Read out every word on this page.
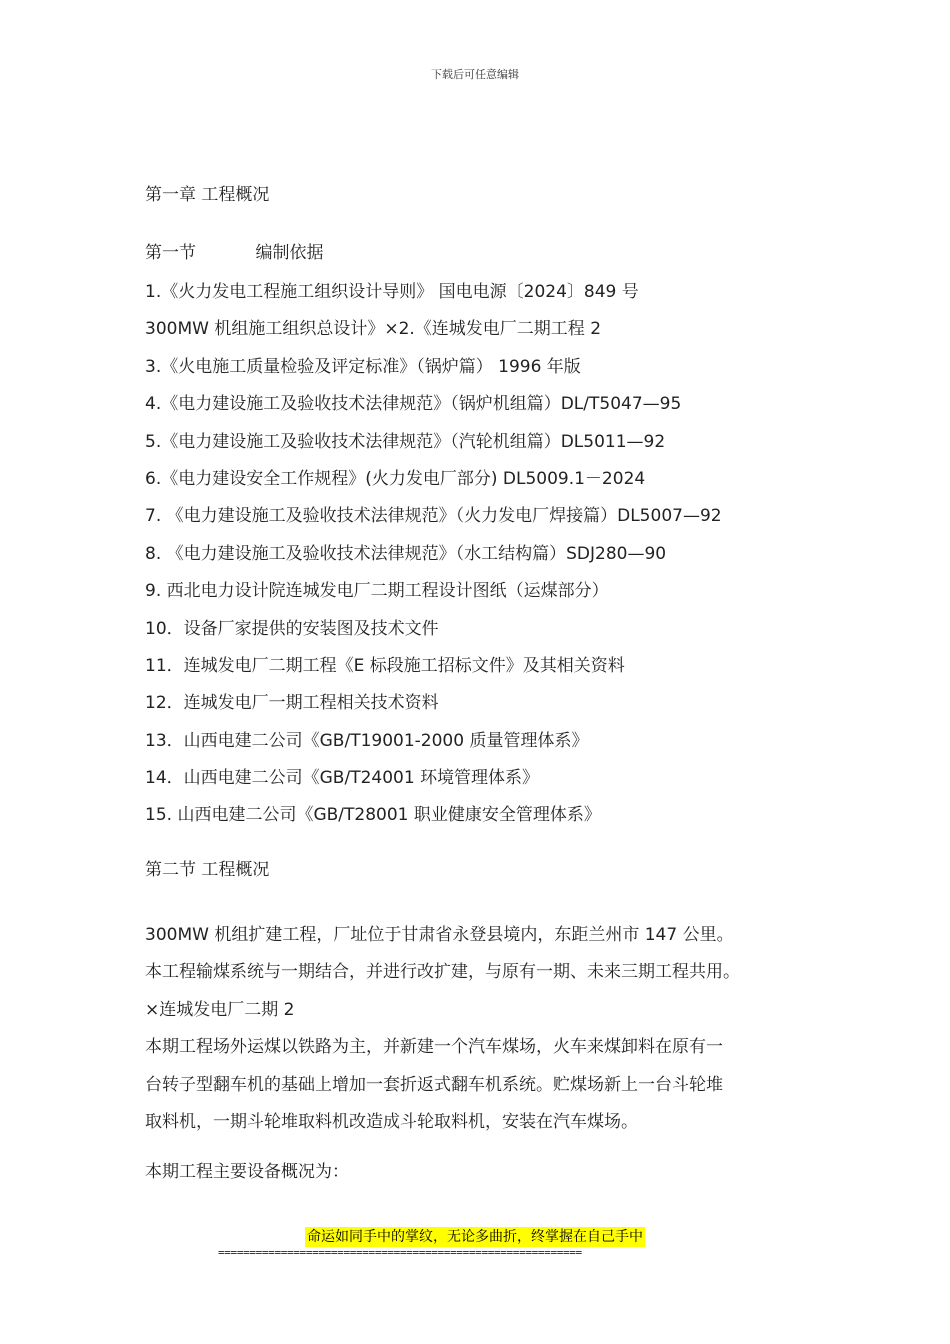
下载后可任意编辑
第一章 工程概况
第一节           编制依据
1.《火力发电工程施工组织设计导则》 国电电源〔2024〕849 号
300MW 机组施工组织总设计》×2.《连城发电厂二期工程 2
3.《火电施工质量检验及评定标准》（锅炉篇） 1996 年版
4.《电力建设施工及验收技术法律规范》（锅炉机组篇）DL/T5047—95
5.《电力建设施工及验收技术法律规范》（汽轮机组篇）DL5011—92
6.《电力建设安全工作规程》(火力发电厂部分) DL5009.1－2024
7. 《电力建设施工及验收技术法律规范》（火力发电厂焊接篇）DL5007—92
8. 《电力建设施工及验收技术法律规范》（水工结构篇）SDJ280—90
9. 西北电力设计院连城发电厂二期工程设计图纸（运煤部分）
10．设备厂家提供的安装图及技术文件
11．连城发电厂二期工程《E 标段施工招标文件》及其相关资料
12．连城发电厂一期工程相关技术资料
13．山西电建二公司《GB/T19001-2000 质量管理体系》
14．山西电建二公司《GB/T24001 环境管理体系》
15. 山西电建二公司《GB/T28001 职业健康安全管理体系》
第二节 工程概况

300MW 机组扩建工程，厂址位于甘肃省永登县境内，东距兰州市 147 公里。

本工程输煤系统与一期结合，并进行改扩建，与原有一期、未来三期工程共用。

×连城发电厂二期 2

本期工程场外运煤以铁路为主，并新建一个汽车煤场，火车来煤卸料在原有一

台转子型翻车机的基础上增加一套折返式翻车机系统。贮煤场新上一台斗轮堆

取料机，一期斗轮堆取料机改造成斗轮取料机，安装在汽车煤场。

本期工程主要设备概况为：

命运如同手中的掌纹，无论多曲折，终掌握在自己手中
==========================================================
